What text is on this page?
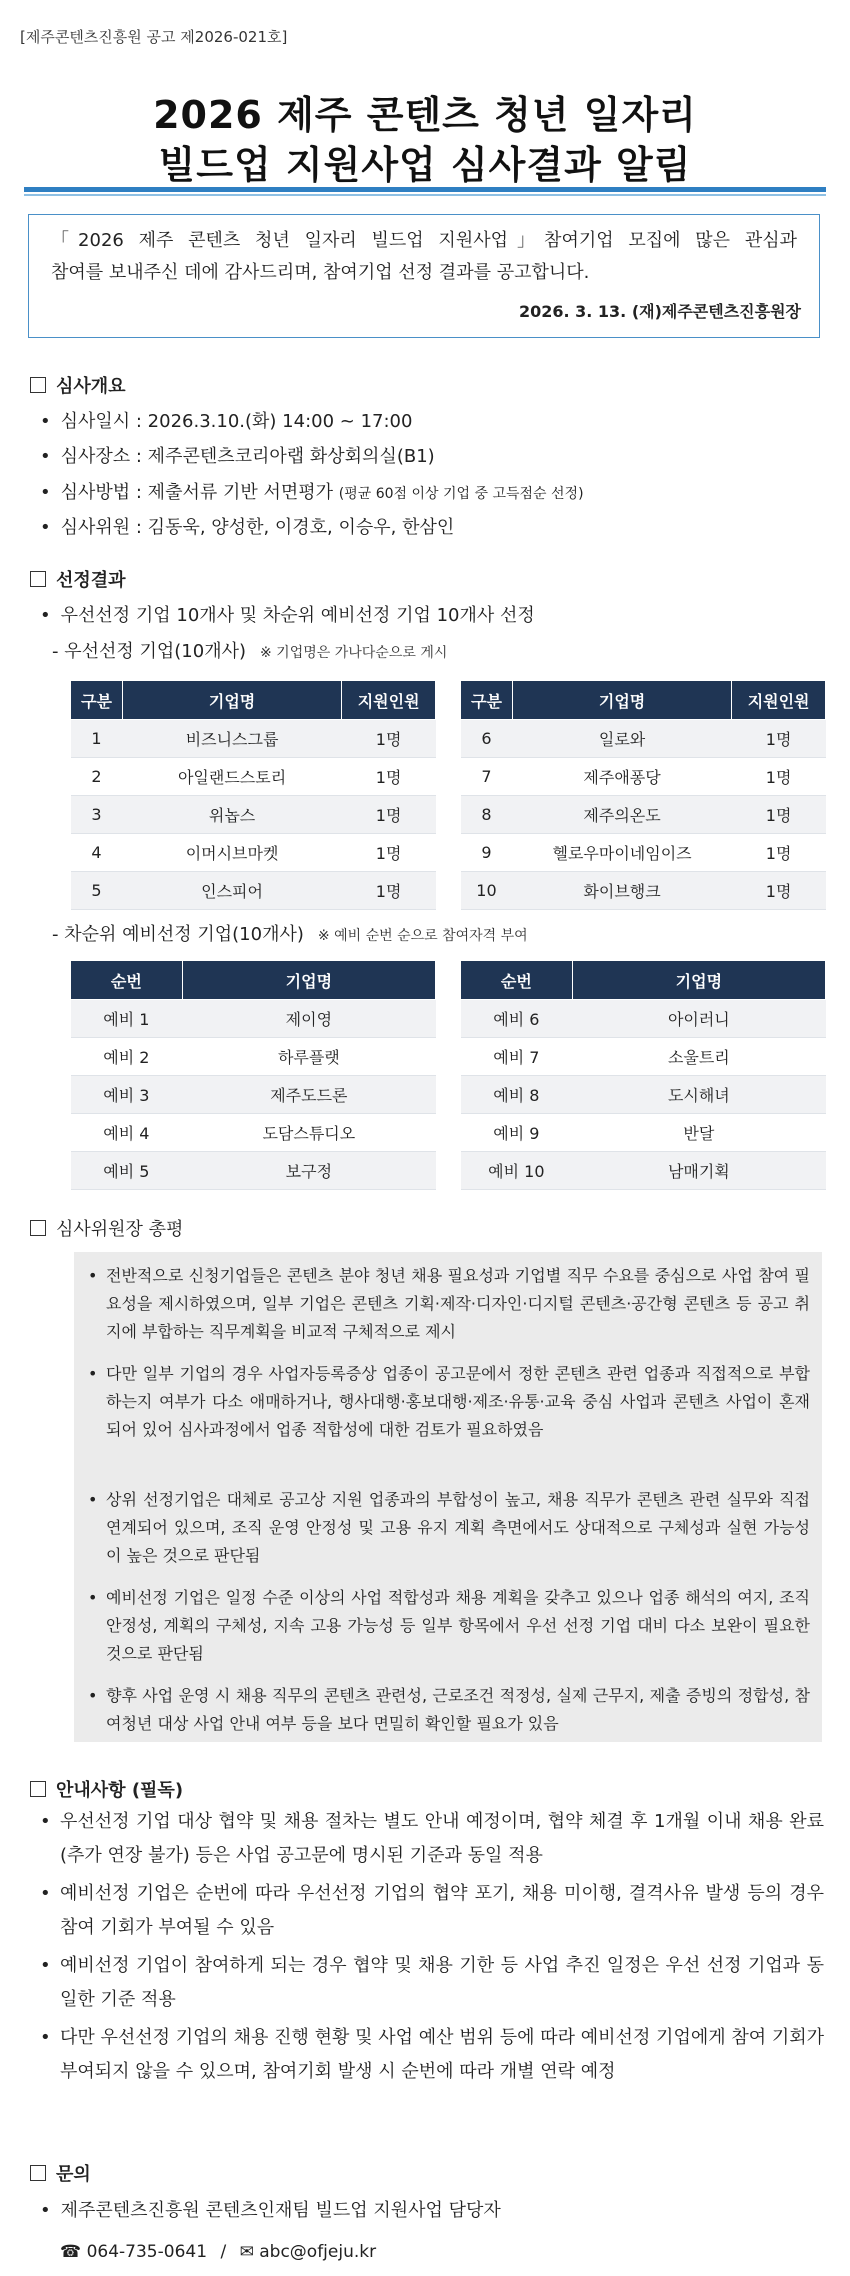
[제주콘텐츠진흥원 공고 제2026-021호]
2026 제주 콘텐츠 청년 일자리
빌드업 지원사업 심사결과 알림

「2026 제주 콘텐츠 청년 일자리 빌드업 지원사업」참여기업 모집에 많은 관심과

참여를 보내주신 데에 감사드리며, 참여기업 선정 결과를 공고합니다.

2026. 3. 13. (재)제주콘텐츠진흥원장
심사개요
• 심사일시 : 2026.3.10.(화) 14:00 ~ 17:00
• 심사장소 : 제주콘텐츠코리아랩 화상회의실(B1)
• 심사방법 : 제출서류 기반 서면평가 (평균 60점 이상 기업 중 고득점순 선정)
• 심사위원 : 김동욱, 양성한, 이경호, 이승우, 한삼인
선정결과
• 우선선정 기업 10개사 및 차순위 예비선정 기업 10개사 선정
- 우선선정 기업(10개사) ※ 기업명은 가나다순으로 게시
구분	기업명	지원인원
1	비즈니스그룹	1명
2	아일랜드스토리	1명
3	위놉스	1명
4	이머시브마켓	1명
5	인스피어	1명
구분	기업명	지원인원
6	일로와	1명
7	제주애퐁당	1명
8	제주의온도	1명
9	헬로우마이네임이즈	1명
10	화이브행크	1명
- 차순위 예비선정 기업(10개사) ※ 예비 순번 순으로 참여자격 부여
순번	기업명
예비 1	제이영
예비 2	하루플랫
예비 3	제주도드론
예비 4	도담스튜디오
예비 5	보구정
순번	기업명
예비 6	아이러니
예비 7	소울트리
예비 8	도시해녀
예비 9	반달
예비 10	남매기획
심사위원장 총평
• 전반적으로 신청기업들은 콘텐츠 분야 청년 채용 필요성과 기업별 직무 수요를 중심으로 사업 참여 필요성을 제시하였으며, 일부 기업은 콘텐츠 기획·제작·디자인·디지털 콘텐츠·공간형 콘텐츠 등 공고 취지에 부합하는 직무계획을 비교적 구체적으로 제시
• 다만 일부 기업의 경우 사업자등록증상 업종이 공고문에서 정한 콘텐츠 관련 업종과 직접적으로 부합하는지 여부가 다소 애매하거나, 행사대행·홍보대행·제조·유통·교육 중심 사업과 콘텐츠 사업이 혼재되어 있어 심사과정에서 업종 적합성에 대한 검토가 필요하였음
• 상위 선정기업은 대체로 공고상 지원 업종과의 부합성이 높고, 채용 직무가 콘텐츠 관련 실무와 직접 연계되어 있으며, 조직 운영 안정성 및 고용 유지 계획 측면에서도 상대적으로 구체성과 실현 가능성이 높은 것으로 판단됨
• 예비선정 기업은 일정 수준 이상의 사업 적합성과 채용 계획을 갖추고 있으나 업종 해석의 여지, 조직 안정성, 계획의 구체성, 지속 고용 가능성 등 일부 항목에서 우선 선정 기업 대비 다소 보완이 필요한 것으로 판단됨
• 향후 사업 운영 시 채용 직무의 콘텐츠 관련성, 근로조건 적정성, 실제 근무지, 제출 증빙의 정합성, 참여청년 대상 사업 안내 여부 등을 보다 면밀히 확인할 필요가 있음
안내사항 (필독)
• 우선선정 기업 대상 협약 및 채용 절차는 별도 안내 예정이며, 협약 체결 후 1개월 이내 채용 완료(추가 연장 불가) 등은 사업 공고문에 명시된 기준과 동일 적용
• 예비선정 기업은 순번에 따라 우선선정 기업의 협약 포기, 채용 미이행, 결격사유 발생 등의 경우 참여 기회가 부여될 수 있음
• 예비선정 기업이 참여하게 되는 경우 협약 및 채용 기한 등 사업 추진 일정은 우선 선정 기업과 동일한 기준 적용
• 다만 우선선정 기업의 채용 진행 현황 및 사업 예산 범위 등에 따라 예비선정 기업에게 참여 기회가 부여되지 않을 수 있으며, 참여기회 발생 시 순번에 따라 개별 연락 예정
문의
• 제주콘텐츠진흥원 콘텐츠인재팀 빌드업 지원사업 담당자
☎ 064-735-0641 / ✉ abc@ofjeju.kr
